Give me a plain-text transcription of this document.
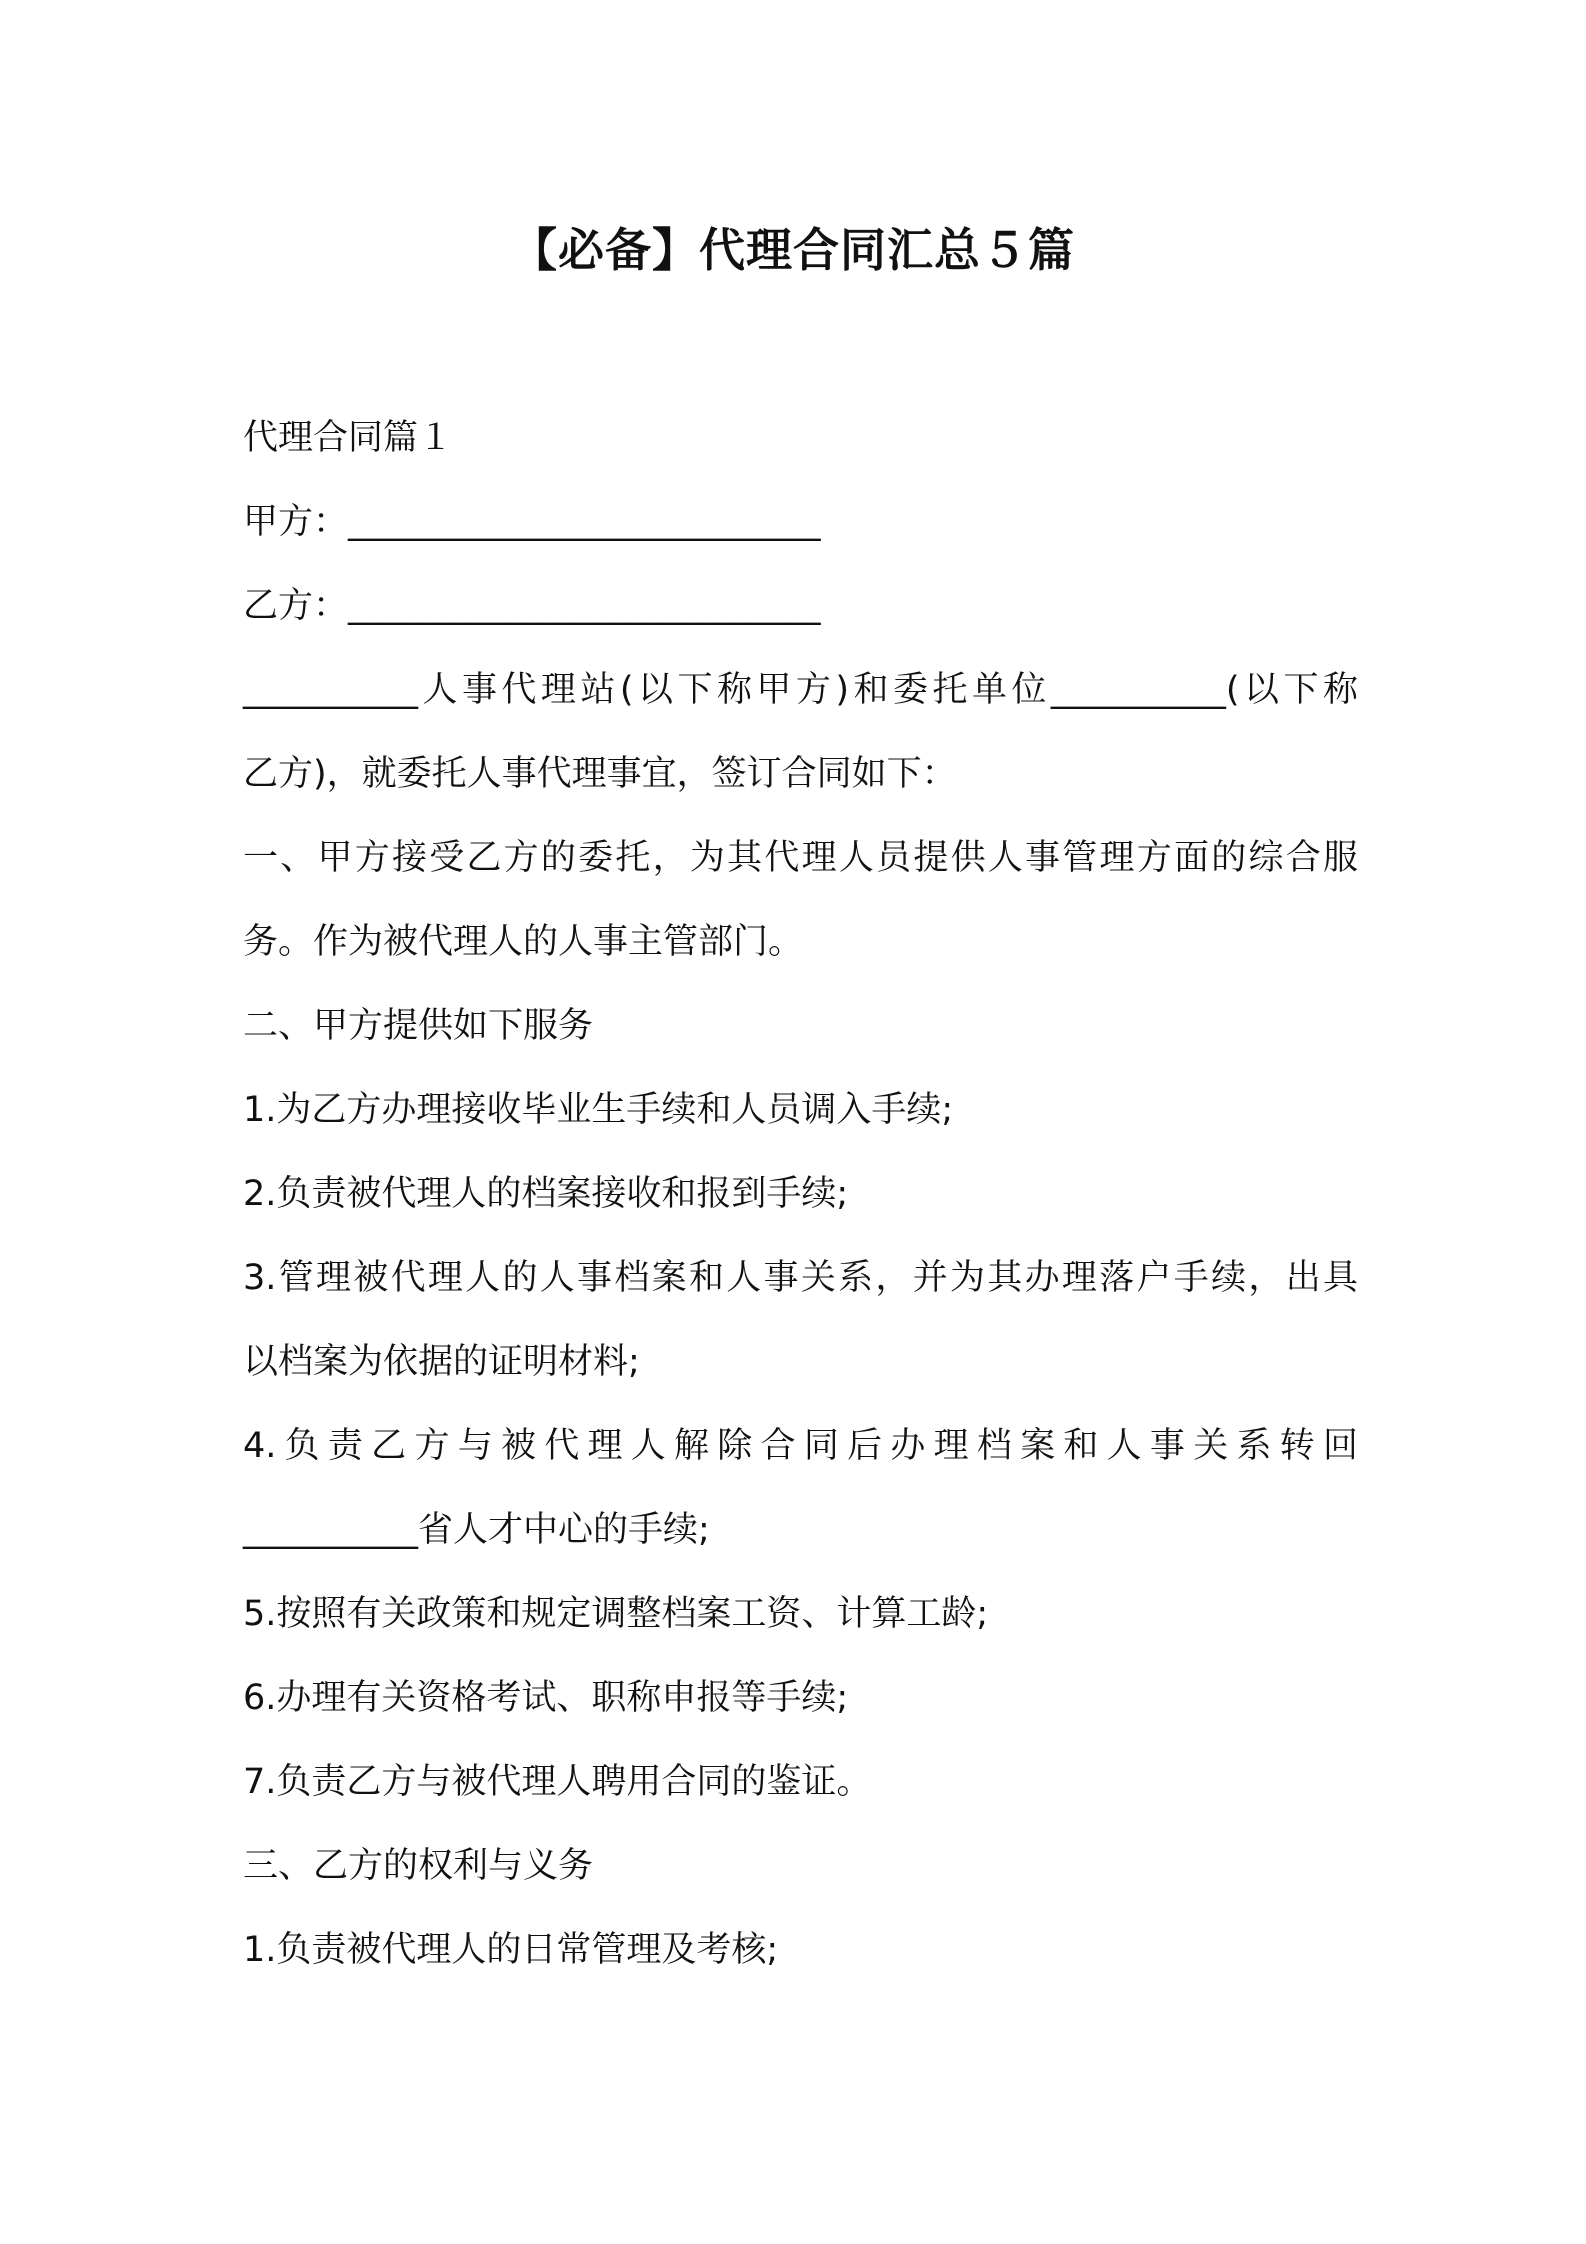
【必备】代理合同汇总５篇
代理合同篇１
甲方：___________________________
乙方：___________________________
__________人事代理站(以下称甲方)和委托单位__________(以下称
乙方)，就委托人事代理事宜，签订合同如下：
一、甲方接受乙方的委托，为其代理人员提供人事管理方面的综合服
务。作为被代理人的人事主管部门。
二、甲方提供如下服务
1.为乙方办理接收毕业生手续和人员调入手续;
2.负责被代理人的档案接收和报到手续;
3.管理被代理人的人事档案和人事关系，并为其办理落户手续，出具
以档案为依据的证明材料;
4.负责乙方与被代理人解除合同后办理档案和人事关系转回
__________省人才中心的手续;
5.按照有关政策和规定调整档案工资、计算工龄;
6.办理有关资格考试、职称申报等手续;
7.负责乙方与被代理人聘用合同的鉴证。
三、乙方的权利与义务
1.负责被代理人的日常管理及考核;
